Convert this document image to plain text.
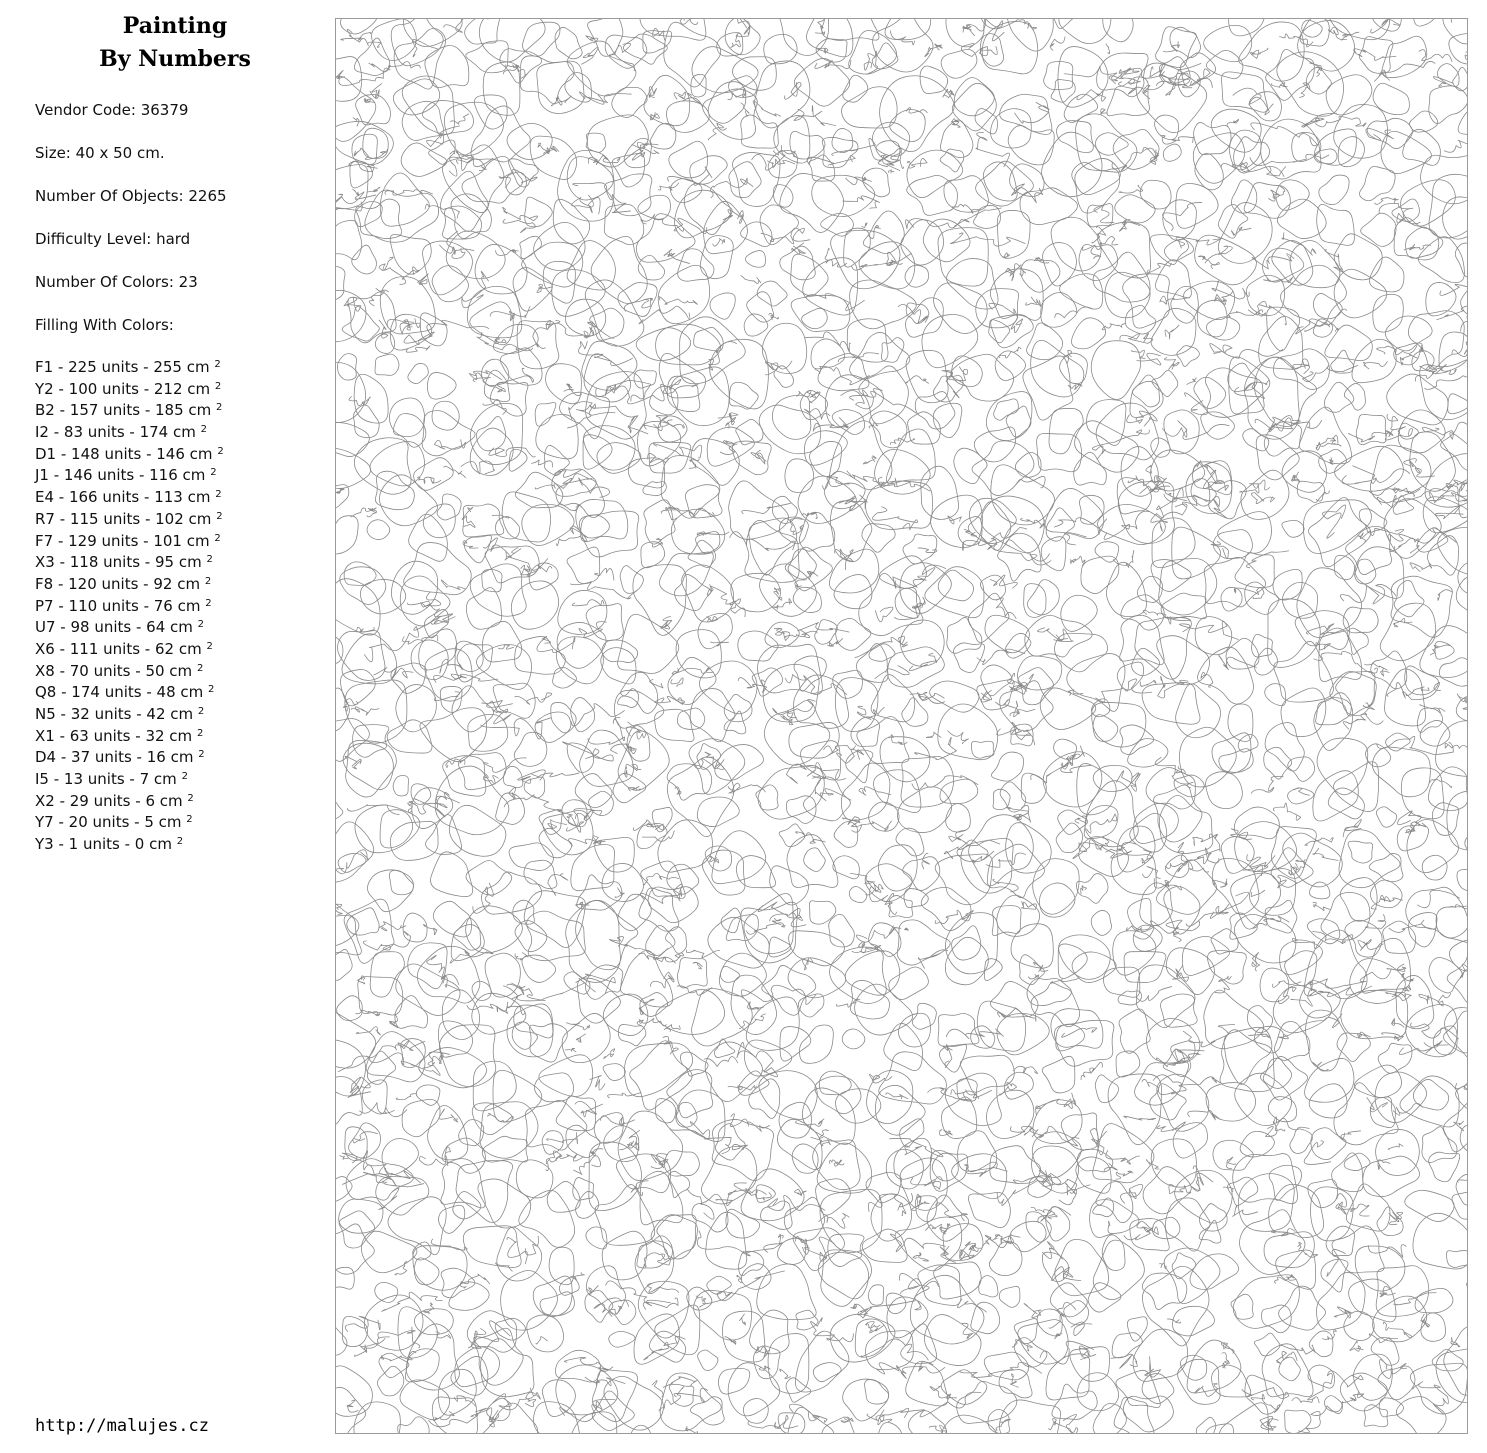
Painting
By Numbers
Vendor Code: 36379
Size: 40 x 50 cm.
Number Of Objects: 2265
Difficulty Level: hard
Number Of Colors: 23
Filling With Colors:
F1 - 225 units - 255 cm $^2$
Y2 - 100 units - 212 cm $^2$
B2 - 157 units - 185 cm $^2$
I2 - 83 units - 174 cm $^2$
D1 - 148 units - 146 cm $^2$
J1 - 146 units - 116 cm $^2$
E4 - 166 units - 113 cm $^2$
R7 - 115 units - 102 cm $^2$
F7 - 129 units - 101 cm $^2$
X3 - 118 units - 95 cm $^2$
F8 - 120 units - 92 cm $^2$
P7 - 110 units - 76 cm $^2$
U7 - 98 units - 64 cm $^2$
X6 - 111 units - 62 cm $^2$
X8 - 70 units - 50 cm $^2$
Q8 - 174 units - 48 cm $^2$
N5 - 32 units - 42 cm $^2$
X1 - 63 units - 32 cm $^2$
D4 - 37 units - 16 cm $^2$
I5 - 13 units - 7 cm $^2$
X2 - 29 units - 6 cm $^2$
Y7 - 20 units - 5 cm $^2$
Y3 - 1 units - 0 cm $^2$
http://malujes.cz
